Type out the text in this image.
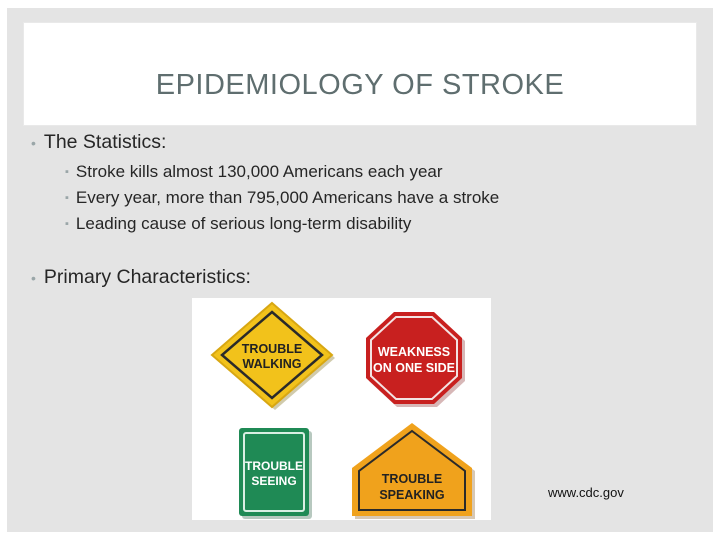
EPIDEMIOLOGY OF STROKE
• The Statistics:
▪ Stroke kills almost 130,000 Americans each year
▪ Every year, more than 795,000 Americans have a stroke
▪ Leading cause of serious long-term disability
• Primary Characteristics:
TROUBLE
WALKING
WEAKNESS
ON ONE SIDE
TROUBLE
SEEING	TROUBLE
SPEAKING	www.cdc.gov
